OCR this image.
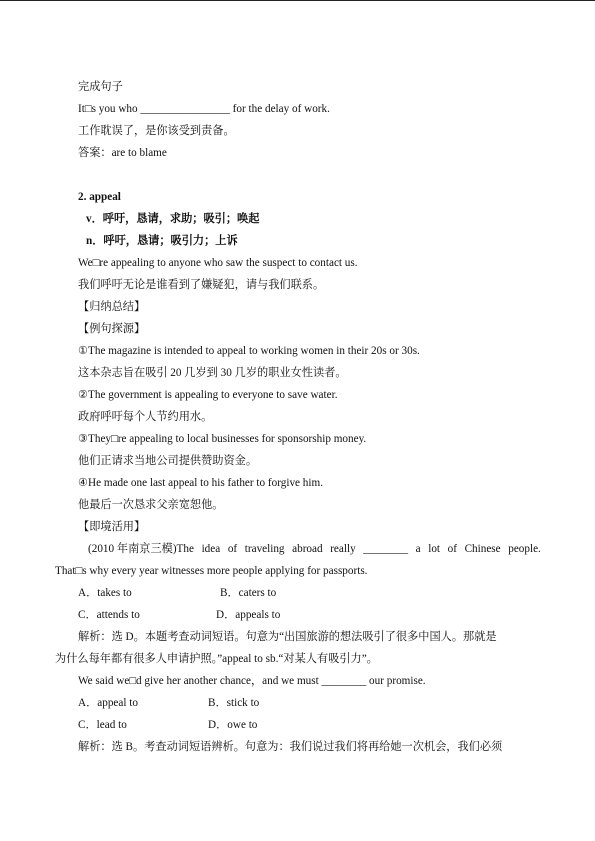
完成句子
It□s you who ________________ for the delay of work.
工作耽误了，是你该受到责备。
答案：are to blame
2. appeal
v．呼吁，恳请，求助；吸引；唤起
n．呼吁，恳请；吸引力；上诉
We□re appealing to anyone who saw the suspect to contact us.
我们呼吁无论是谁看到了嫌疑犯，请与我们联系。
【归纳总结】
【例句探源】
①The magazine is intended to appeal to working women in their 20s or 30s.
这本杂志旨在吸引 20 几岁到 30 几岁的职业女性读者。
②The government is appealing to everyone to save water.
政府呼吁每个人节约用水。
③They□re appealing to local businesses for sponsorship money.
他们正请求当地公司提供赞助资金。
④He made one last appeal to his father to forgive him.
他最后一次恳求父亲宽恕他。
【即境活用】
(2010 年南京三模)The idea of traveling abroad really ________ a lot of Chinese people.
That□s why every year witnesses more people applying for passports.
A．takes to	B．caters to
C．attends to	D．appeals to
解析：选 D。本题考查动词短语。句意为“出国旅游的想法吸引了很多中国人。那就是
为什么每年都有很多人申请护照。”appeal to sb.“对某人有吸引力”。
We said we□d give her another chance，and we must ________ our promise.
A．appeal to	B．stick to
C．lead to	D．owe to
解析：选 B。考查动词短语辨析。句意为：我们说过我们将再给她一次机会，我们必须
